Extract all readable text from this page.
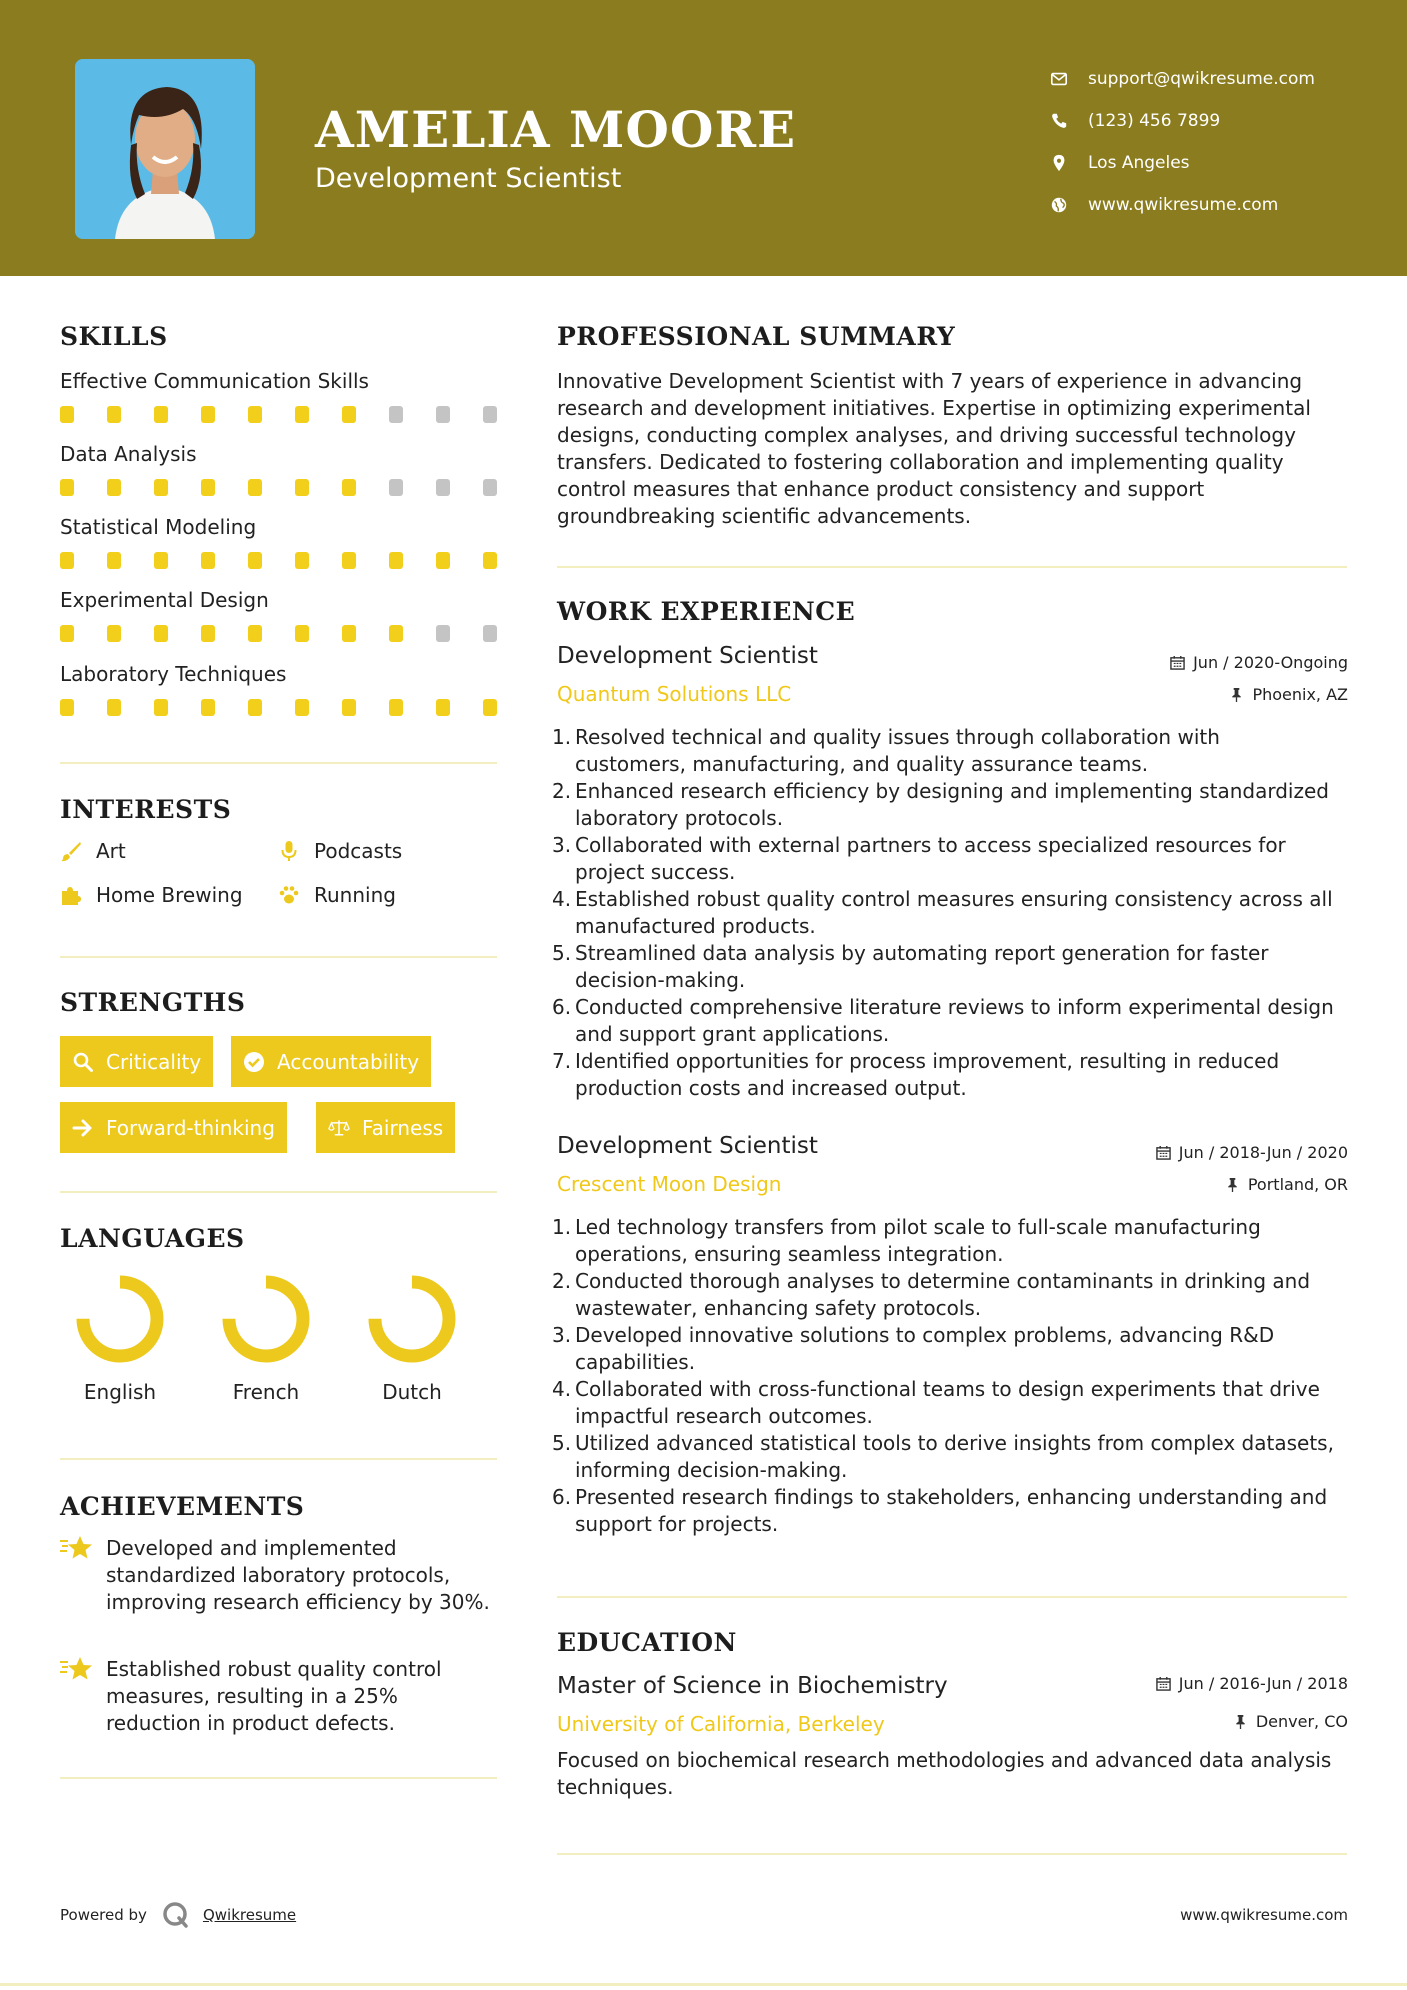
AMELIA MOORE
Development Scientist
support@qwikresume.com
(123) 456 7899
Los Angeles
www.qwikresume.com
SKILLS
Effective Communication Skills
Data Analysis
Statistical Modeling
Experimental Design
Laboratory Techniques
INTERESTS
Art	Podcasts
Home Brewing	Running
STRENGTHS
Criticality	Accountability
Forward-thinking	Fairness
LANGUAGES
English	French	Dutch
ACHIEVEMENTS
Developed and implemented standardized laboratory protocols, improving research efficiency by 30%.
Established robust quality control measures, resulting in a 25% reduction in product defects.
PROFESSIONAL SUMMARY
Innovative Development Scientist with 7 years of experience in advancing research and development initiatives. Expertise in optimizing experimental designs, conducting complex analyses, and driving successful technology transfers. Dedicated to fostering collaboration and implementing quality control measures that enhance product consistency and support groundbreaking scientific advancements.
WORK EXPERIENCE
Development Scientist	Jun / 2020-Ongoing
Quantum Solutions LLC	Phoenix, AZ
1. Resolved technical and quality issues through collaboration with customers, manufacturing, and quality assurance teams.
2. Enhanced research efficiency by designing and implementing standardized laboratory protocols.
3. Collaborated with external partners to access specialized resources for project success.
4. Established robust quality control measures ensuring consistency across all manufactured products.
5. Streamlined data analysis by automating report generation for faster decision-making.
6. Conducted comprehensive literature reviews to inform experimental design and support grant applications.
7. Identified opportunities for process improvement, resulting in reduced production costs and increased output.
Development Scientist	Jun / 2018-Jun / 2020
Crescent Moon Design	Portland, OR
1. Led technology transfers from pilot scale to full-scale manufacturing operations, ensuring seamless integration.
2. Conducted thorough analyses to determine contaminants in drinking and wastewater, enhancing safety protocols.
3. Developed innovative solutions to complex problems, advancing R&D capabilities.
4. Collaborated with cross-functional teams to design experiments that drive impactful research outcomes.
5. Utilized advanced statistical tools to derive insights from complex datasets, informing decision-making.
6. Presented research findings to stakeholders, enhancing understanding and support for projects.
EDUCATION
Master of Science in Biochemistry	Jun / 2016-Jun / 2018
University of California, Berkeley	Denver, CO
Focused on biochemical research methodologies and advanced data analysis techniques.
Powered by	Qwikresume	www.qwikresume.com
